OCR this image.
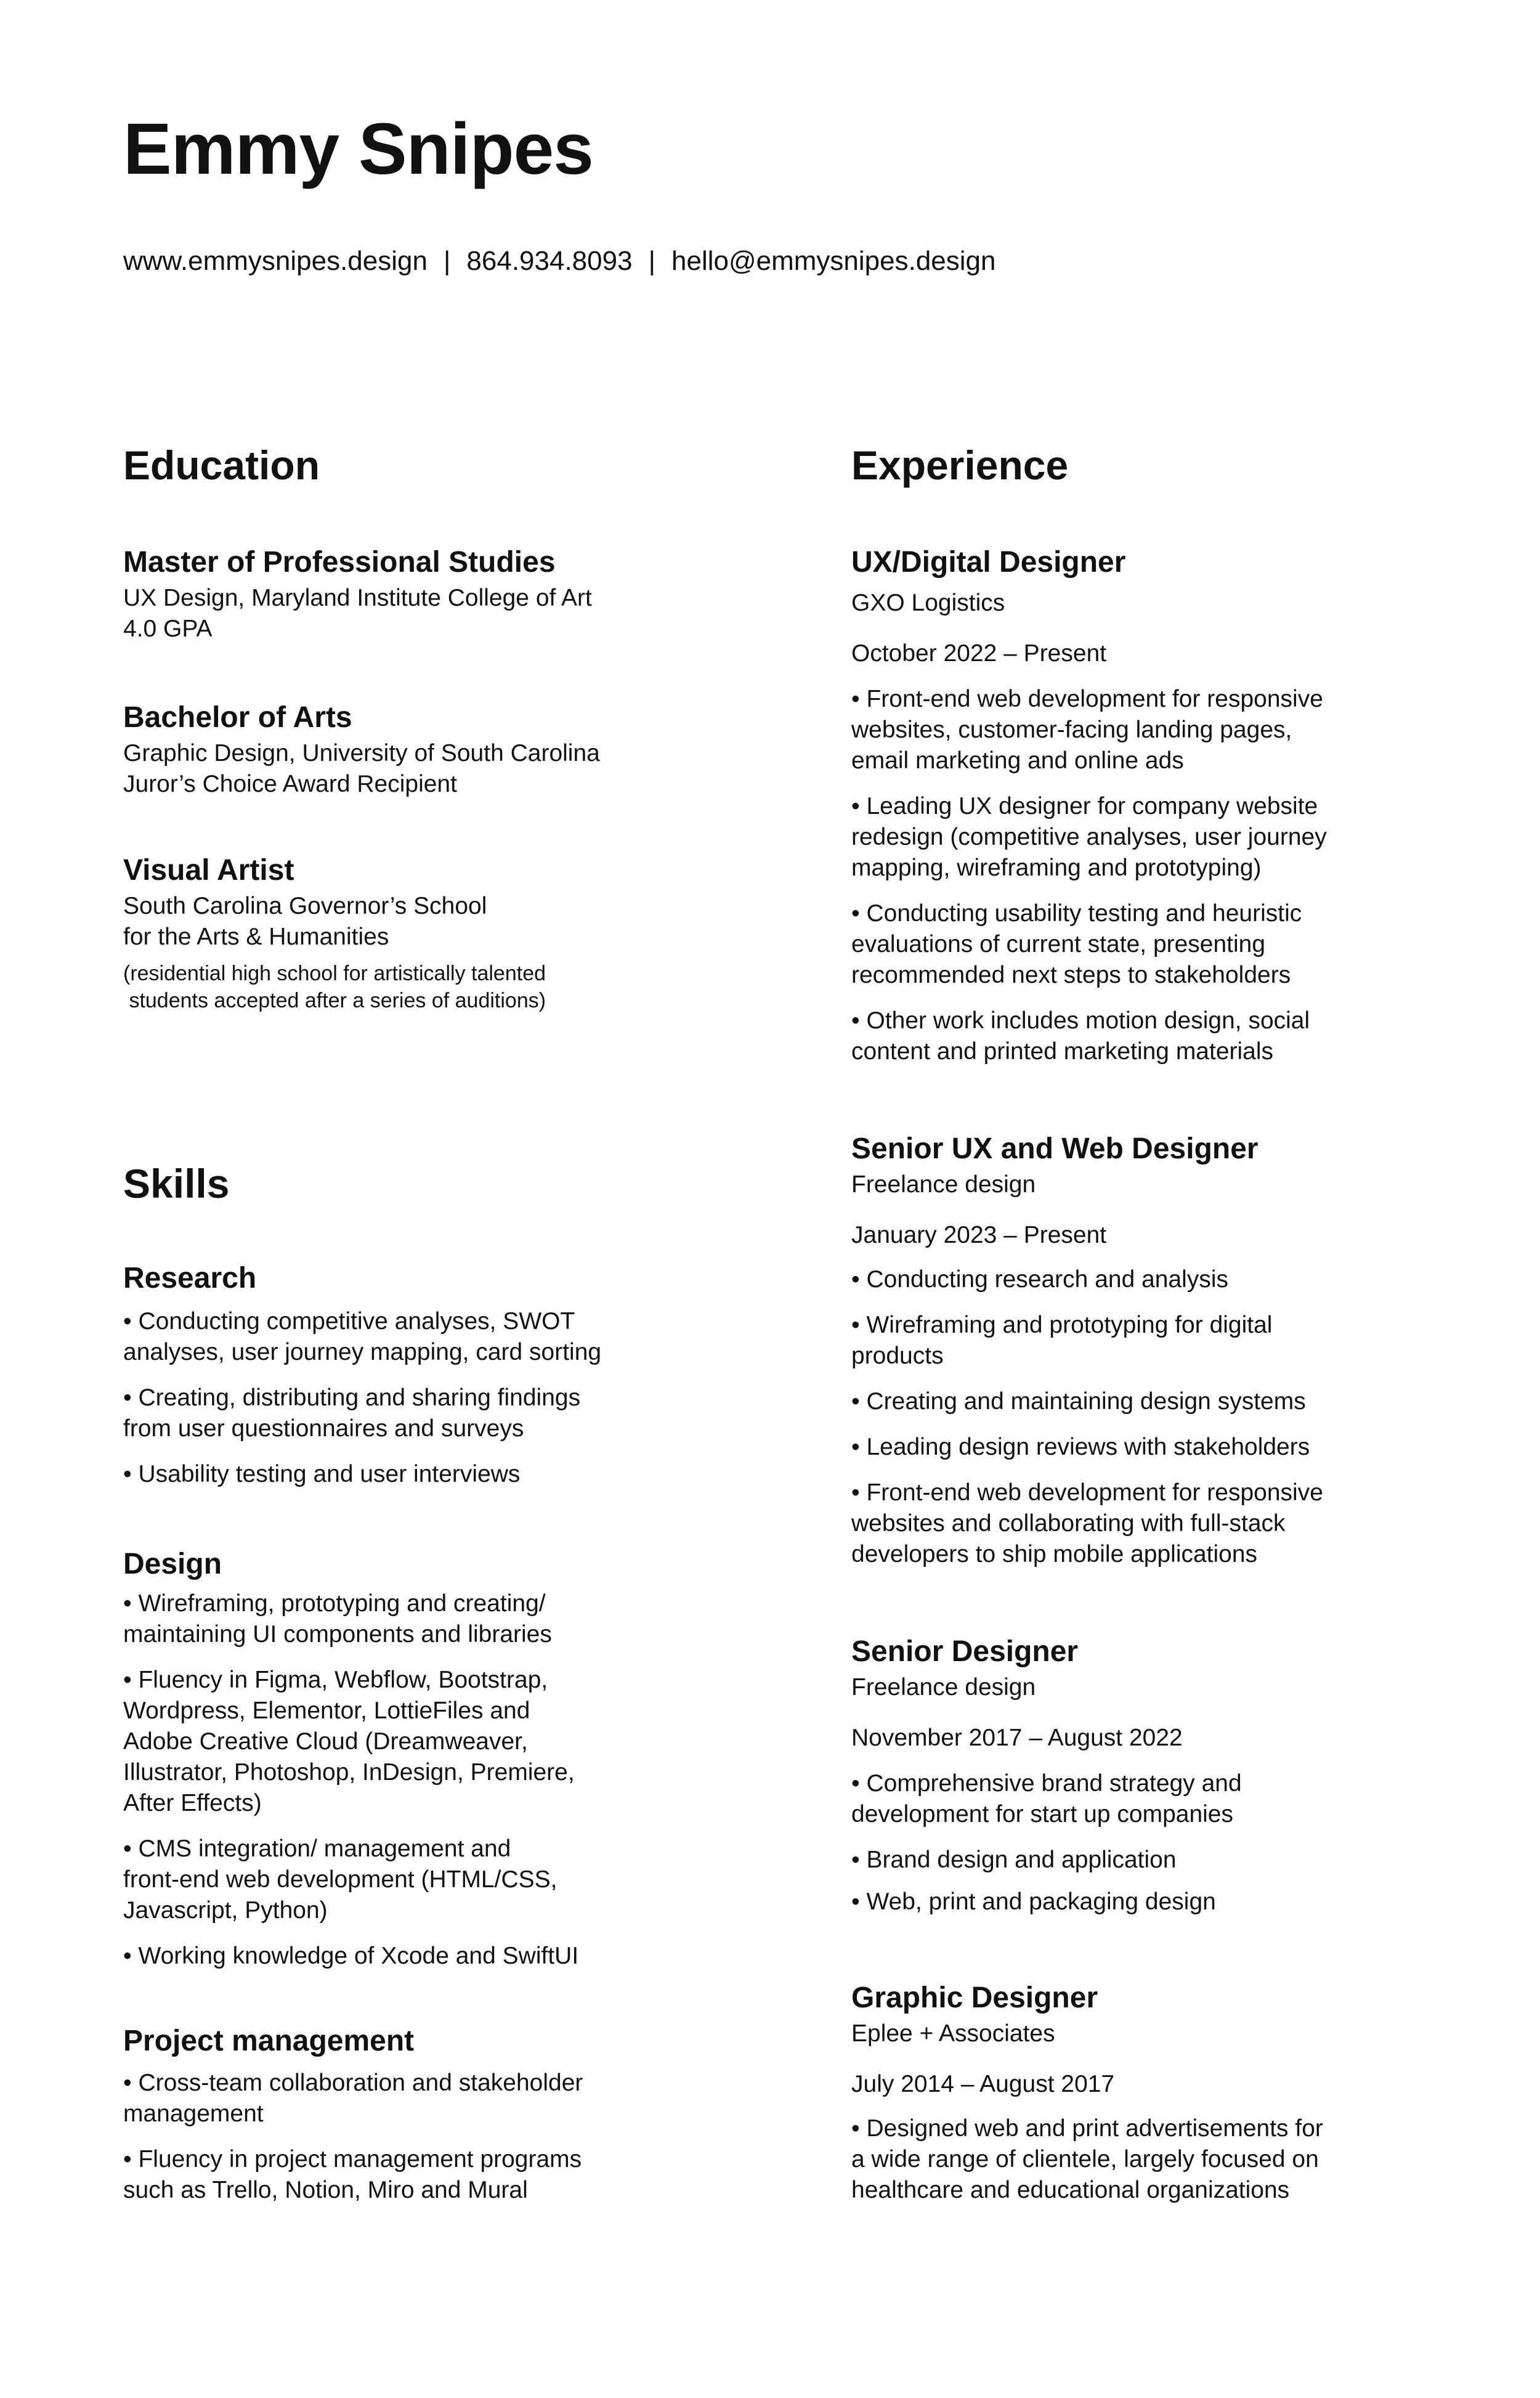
Emmy Snipes
www.emmysnipes.design | 864.934.8093 | hello@emmysnipes.design
Education
Master of Professional Studies
UX Design, Maryland Institute College of Art
4.0 GPA
Bachelor of Arts
Graphic Design, University of South Carolina
Juror’s Choice Award Recipient
Visual Artist
South Carolina Governor’s School
for the Arts & Humanities
(residential high school for artistically talented
students accepted after a series of auditions)
Skills
Research
• Conducting competitive analyses, SWOT
analyses, user journey mapping, card sorting
• Creating, distributing and sharing findings
from user questionnaires and surveys
• Usability testing and user interviews
Design
• Wireframing, prototyping and creating/
maintaining UI components and libraries
• Fluency in Figma, Webflow, Bootstrap,
Wordpress, Elementor, LottieFiles and
Adobe Creative Cloud (Dreamweaver,
Illustrator, Photoshop, InDesign, Premiere,
After Effects)
• CMS integration/ management and
front-end web development (HTML/CSS,
Javascript, Python)
• Working knowledge of Xcode and SwiftUI
Project management
• Cross-team collaboration and stakeholder
management
• Fluency in project management programs
such as Trello, Notion, Miro and Mural
Experience
UX/Digital Designer
GXO Logistics
October 2022 – Present
• Front-end web development for responsive
websites, customer-facing landing pages,
email marketing and online ads
• Leading UX designer for company website
redesign (competitive analyses, user journey
mapping, wireframing and prototyping)
• Conducting usability testing and heuristic
evaluations of current state, presenting
recommended next steps to stakeholders
• Other work includes motion design, social
content and printed marketing materials
Senior UX and Web Designer
Freelance design
January 2023 – Present
• Conducting research and analysis
• Wireframing and prototyping for digital
products
• Creating and maintaining design systems
• Leading design reviews with stakeholders
• Front-end web development for responsive
websites and collaborating with full-stack
developers to ship mobile applications
Senior Designer
Freelance design
November 2017 – August 2022
• Comprehensive brand strategy and
development for start up companies
• Brand design and application
• Web, print and packaging design
Graphic Designer
Eplee + Associates
July 2014 – August 2017
• Designed web and print advertisements for
a wide range of clientele, largely focused on
healthcare and educational organizations
